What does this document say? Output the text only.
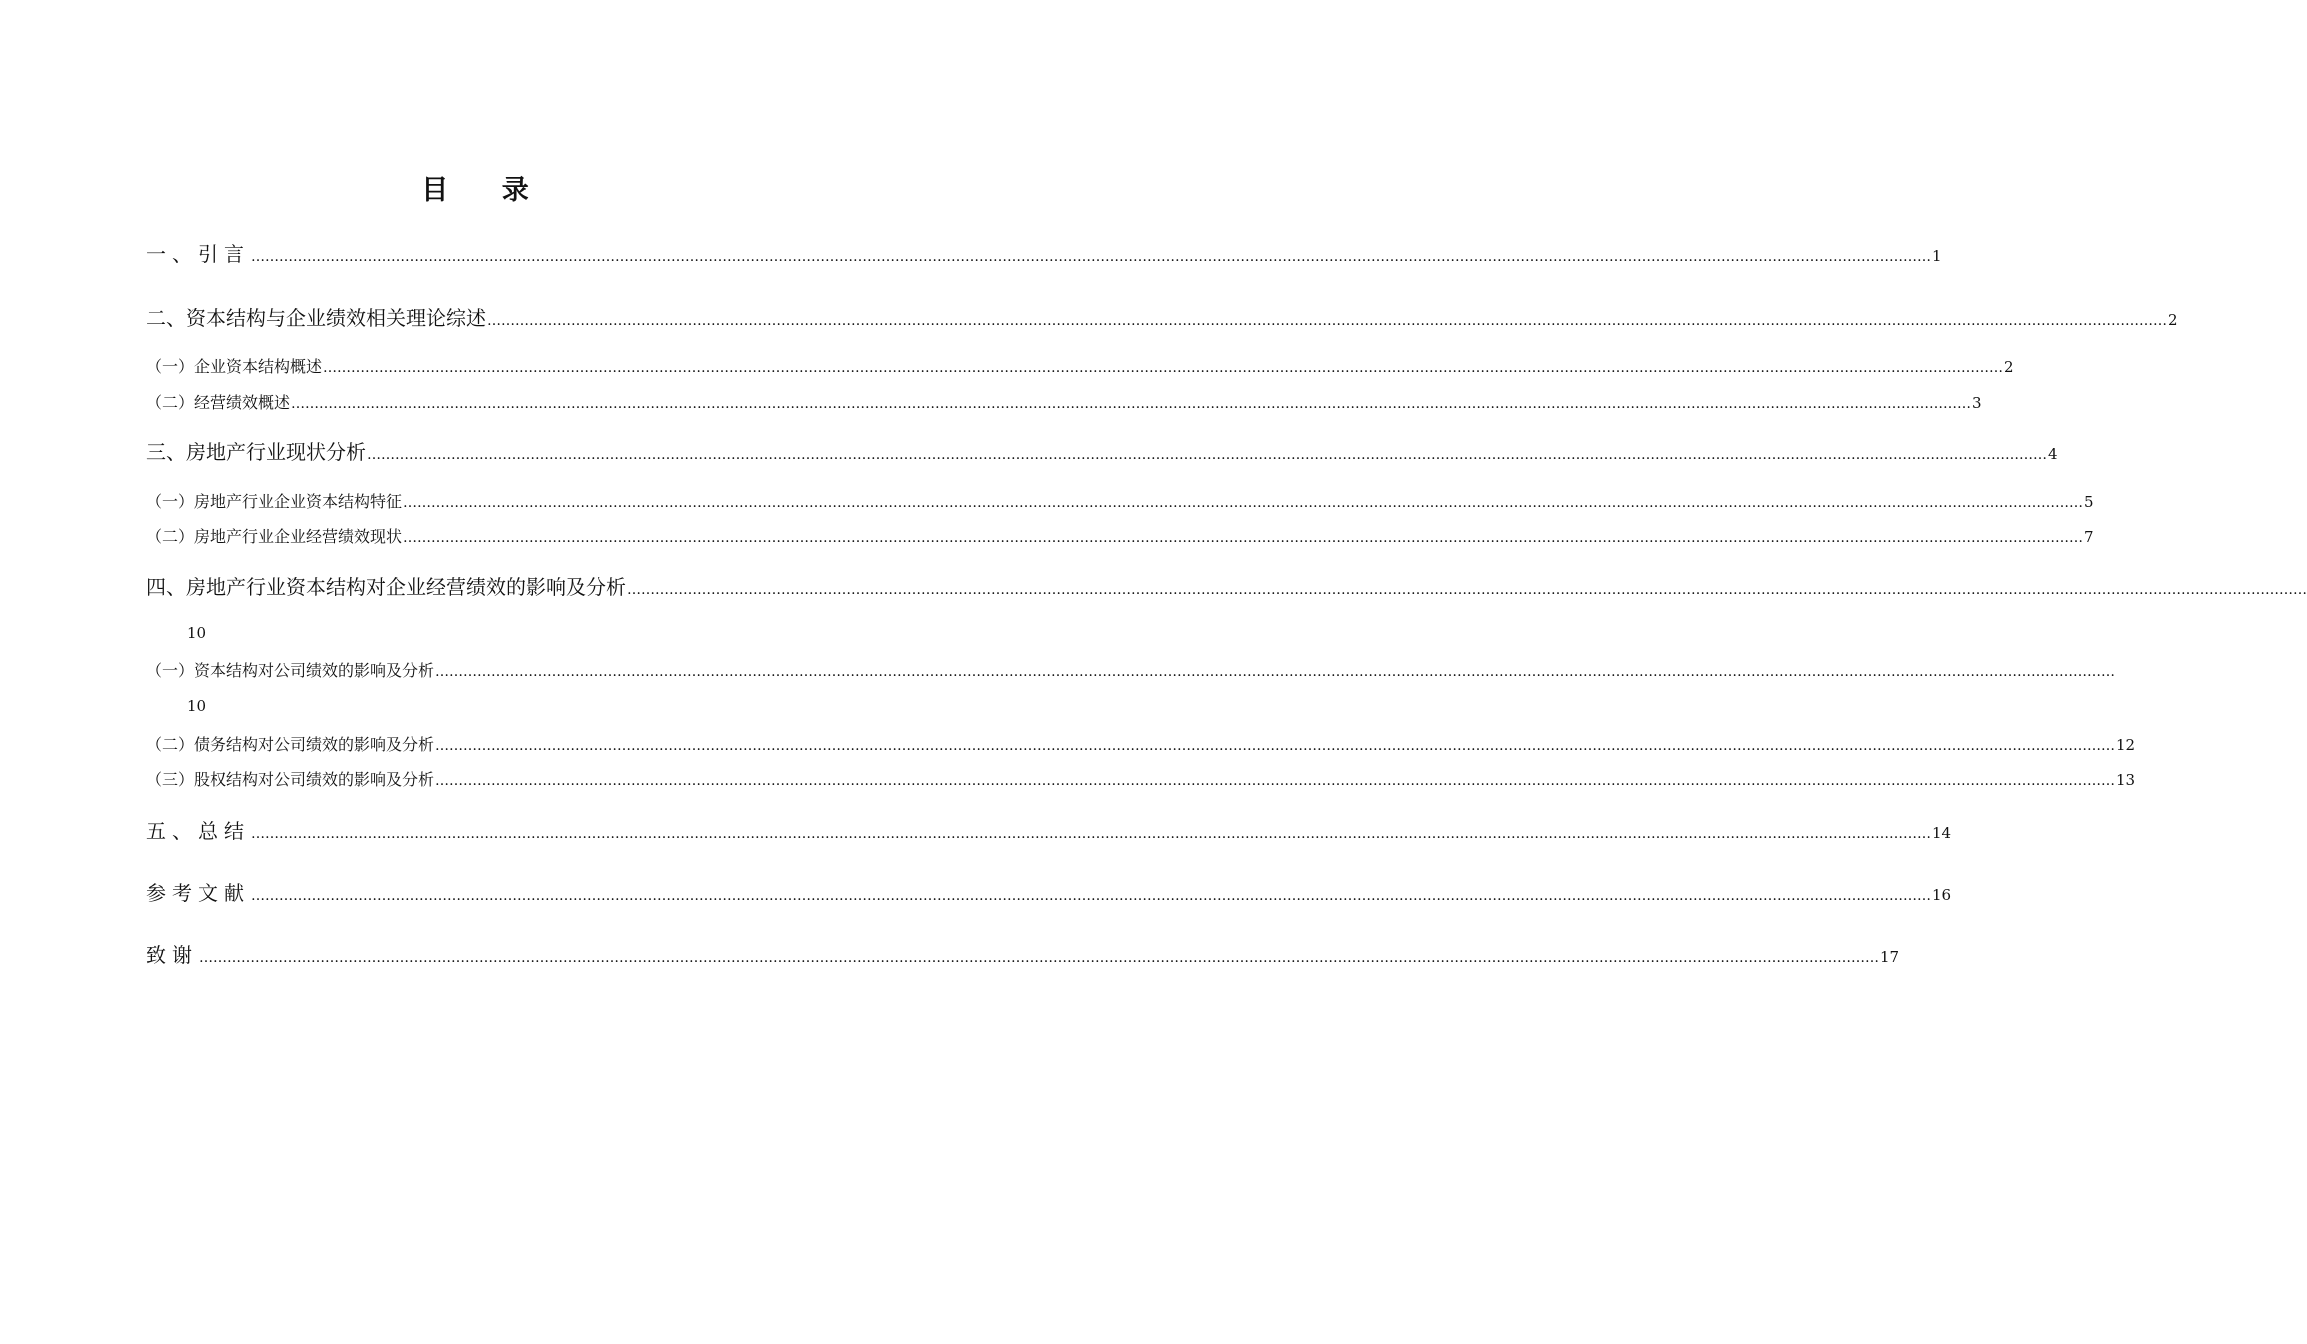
目 录
一、引言 ……………………………………………………………………………………………………………………………………………………………………………………………………………………………………………………………………………………………………………………………… 1
二、资本结构与企业绩效相关理论综述 ……………………………………………………………………………………………………………………………………………………………………………………………………………………………………………………………………………………………………………………………… 2
（一）企业资本结构概述 ……………………………………………………………………………………………………………………………………………………………………………………………………………………………………………………………………………………………………………………………… 2
（二）经营绩效概述 ……………………………………………………………………………………………………………………………………………………………………………………………………………………………………………………………………………………………………………………………… 3
三、房地产行业现状分析 ……………………………………………………………………………………………………………………………………………………………………………………………………………………………………………………………………………………………………………………………… 4
（一）房地产行业企业资本结构特征 ……………………………………………………………………………………………………………………………………………………………………………………………………………………………………………………………………………………………………………………………… 5
（二）房地产行业企业经营绩效现状 ……………………………………………………………………………………………………………………………………………………………………………………………………………………………………………………………………………………………………………………………… 7
四、房地产行业资本结构对企业经营绩效的影响及分析 ………………………………………………………………………………………………………………………………………………………………………………………………………………………………………………………………………………………………………………………………
10
（一）资本结构对公司绩效的影响及分析 ………………………………………………………………………………………………………………………………………………………………………………………………………………………………………………………………………………………………………………………………
10
（二）债务结构对公司绩效的影响及分析 ……………………………………………………………………………………………………………………………………………………………………………………………………………………………………………………………………………………………………………………………… 12
（三）股权结构对公司绩效的影响及分析 ……………………………………………………………………………………………………………………………………………………………………………………………………………………………………………………………………………………………………………………………… 13
五、总结 ……………………………………………………………………………………………………………………………………………………………………………………………………………………………………………………………………………………………………………………………… 14
参考文献 ……………………………………………………………………………………………………………………………………………………………………………………………………………………………………………………………………………………………………………………………… 16
致谢 ……………………………………………………………………………………………………………………………………………………………………………………………………………………………………………………………………………………………………………………………… 17
